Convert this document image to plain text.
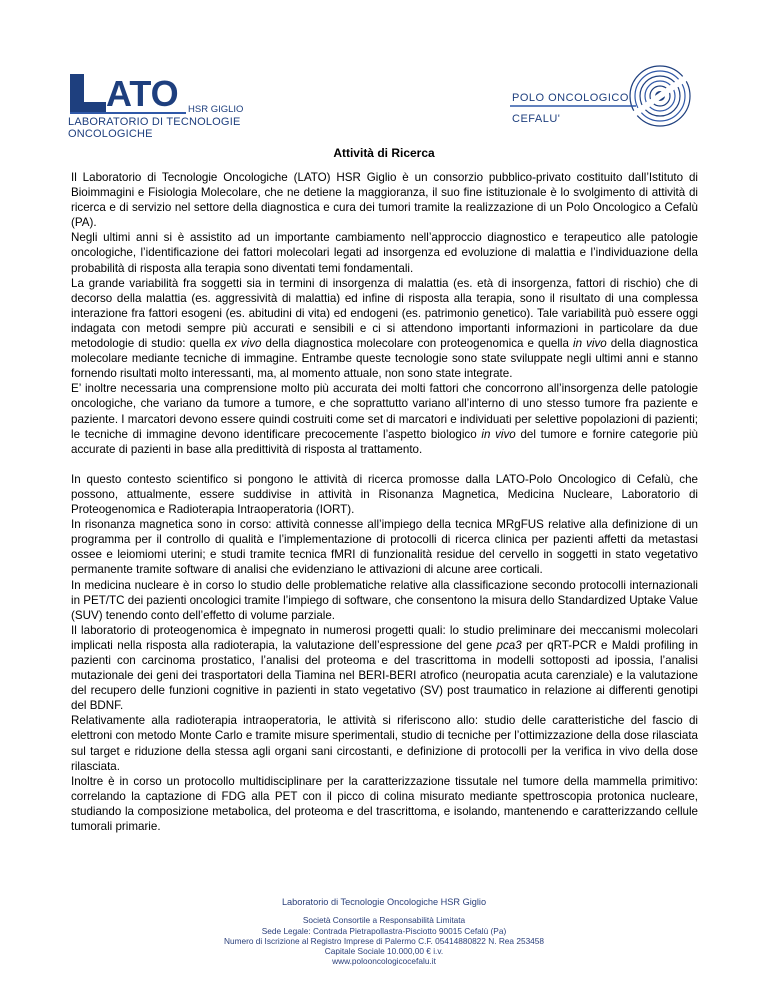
ATO HSR GIGLIO
LABORATORIO DI TECNOLOGIE
ONCOLOGICHE
POLO ONCOLOGICO
CEFALU'
Attività di Ricerca

Il Laboratorio di Tecnologie Oncologiche (LATO) HSR Giglio è un consorzio pubblico-privato costituito dall’Istituto di Bioimmagini e Fisiologia Molecolare, che ne detiene la maggioranza, il suo fine istituzionale è lo svolgimento di attività di ricerca e di servizio nel settore della diagnostica e cura dei tumori tramite la realizzazione di un Polo Oncologico a Cefalù (PA).

Negli ultimi anni si è assistito ad un importante cambiamento nell’approccio diagnostico e terapeutico alle patologie oncologiche, l’identificazione dei fattori molecolari legati ad insorgenza ed evoluzione di malattia e l’individuazione della probabilità di risposta alla terapia sono diventati temi fondamentali.

La grande variabilità fra soggetti sia in termini di insorgenza di malattia (es. età di insorgenza, fattori di rischio) che di decorso della malattia (es. aggressività di malattia) ed infine di risposta alla terapia, sono il risultato di una complessa interazione fra fattori esogeni (es. abitudini di vita) ed endogeni (es. patrimonio genetico). Tale variabilità può essere oggi indagata con metodi sempre più accurati e sensibili e ci si attendono importanti informazioni in particolare da due metodologie di studio: quella ex vivo della diagnostica molecolare con proteogenomica e quella in vivo della diagnostica molecolare mediante tecniche di immagine. Entrambe queste tecnologie sono state sviluppate negli ultimi anni e stanno fornendo risultati molto interessanti, ma, al momento attuale, non sono state integrate.

E’ inoltre necessaria una comprensione molto più accurata dei molti fattori che concorrono all’insorgenza delle patologie oncologiche, che variano da tumore a tumore, e che soprattutto variano all’interno di uno stesso tumore fra paziente e paziente. I marcatori devono essere quindi costruiti come set di marcatori e individuati per selettive popolazioni di pazienti; le tecniche di immagine devono identificare precocemente l’aspetto biologico in vivo del tumore e fornire categorie più accurate di pazienti in base alla predittività di risposta al trattamento.

In questo contesto scientifico si pongono le attività di ricerca promosse dalla LATO-Polo Oncologico di Cefalù, che possono, attualmente, essere suddivise in attività in Risonanza Magnetica, Medicina Nucleare, Laboratorio di Proteogenomica e Radioterapia Intraoperatoria (IORT).

In risonanza magnetica sono in corso: attività connesse all’impiego della tecnica MRgFUS relative alla definizione di un programma per il controllo di qualità e l’implementazione di protocolli di ricerca clinica per pazienti affetti da metastasi ossee e leiomiomi uterini; e studi tramite tecnica fMRI di funzionalità residue del cervello in soggetti in stato vegetativo permanente tramite software di analisi che evidenziano le attivazioni di alcune aree corticali.

In medicina nucleare è in corso lo studio delle problematiche relative alla classificazione secondo protocolli internazionali in PET/TC dei pazienti oncologici tramite l’impiego di software, che consentono la misura dello Standardized Uptake Value (SUV) tenendo conto dell’effetto di volume parziale.

Il laboratorio di proteogenomica è impegnato in numerosi progetti quali: lo studio preliminare dei meccanismi molecolari implicati nella risposta alla radioterapia, la valutazione dell’espressione del gene pca3 per qRT-PCR e Maldi profiling in pazienti con carcinoma prostatico, l’analisi del proteoma e del trascrittoma in modelli sottoposti ad ipossia, l’analisi mutazionale dei geni dei trasportatori della Tiamina nel BERI-BERI atrofico (neuropatia acuta carenziale) e la valutazione del recupero delle funzioni cognitive in pazienti in stato vegetativo (SV) post traumatico in relazione ai differenti genotipi del BDNF.

Relativamente alla radioterapia intraoperatoria, le attività si riferiscono allo: studio delle caratteristiche del fascio di elettroni con metodo Monte Carlo e tramite misure sperimentali, studio di tecniche per l’ottimizzazione della dose rilasciata sul target e riduzione della stessa agli organi sani circostanti, e definizione di protocolli per la verifica in vivo della dose rilasciata.

Inoltre è in corso un protocollo multidisciplinare per la caratterizzazione tissutale nel tumore della mammella primitivo: correlando la captazione di FDG alla PET con il picco di colina misurato mediante spettroscopia protonica nucleare, studiando la composizione metabolica, del proteoma e del trascrittoma, e isolando, mantenendo e caratterizzando cellule tumorali primarie.

Laboratorio di Tecnologie Oncologiche HSR Giglio
Società Consortile a Responsabilità Limitata
Sede Legale: Contrada Pietrapollastra-Pisciotto 90015 Cefalù (Pa)
Numero di Iscrizione al Registro Imprese di Palermo C.F. 05414880822 N. Rea 253458
Capitale Sociale 10.000,00 € i.v.
www.polooncologicocefalu.it
